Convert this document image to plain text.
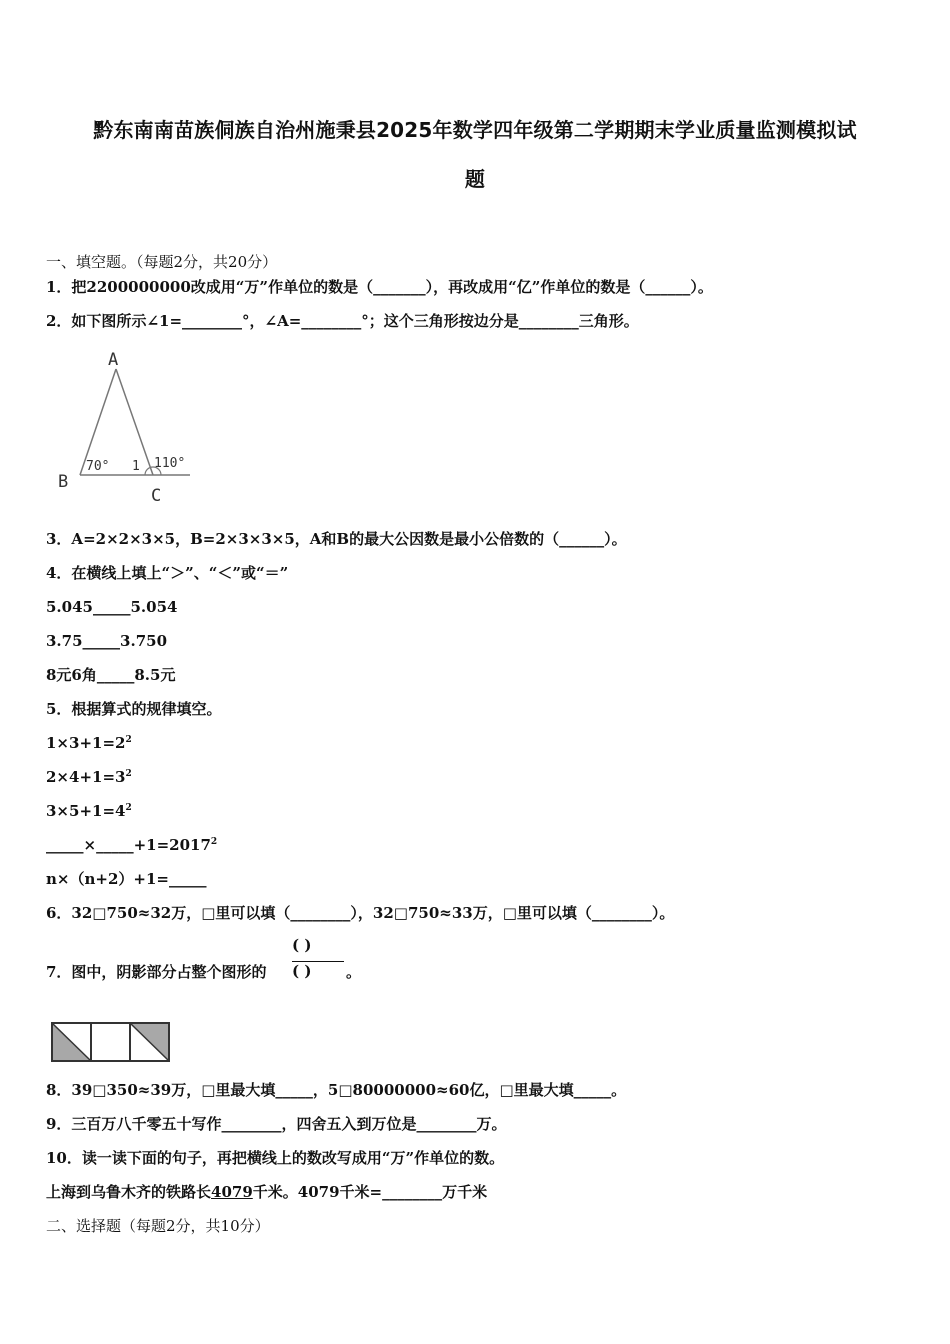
黔东南南苗族侗族自治州施秉县2025年数学四年级第二学期期末学业质量监测模拟试
题
一、填空题。（每题2分，共20分）
1．把2200000000改成用“万”作单位的数是（_______），再改成用“亿”作单位的数是（______）。
2．如下图所示∠1=________°，∠A=________°；这个三角形按边分是________三角形。
A
B
C
70° 1 110°
3．A=2×2×3×5，B=2×3×3×5，A和B的最大公因数是最小公倍数的（______）。
4．在横线上填上“＞”、“＜”或“＝”
5.045_____5.054
3.75_____3.750
8元6角_____8.5元
5．根据算式的规律填空。
$1\times 3+1=2^2$
$2\times 4+1=3^2$
$3\times 5+1=4^2$
$\_\_\_\_\_\times\_\_\_\_\_+1=2017^2$
n×（n+2）+1=_____
6．32□750≈32万，□里可以填（________），32□750≈33万，□里可以填（________）。
7．图中，阴影部分占整个图形的
( )
( ) 。
8．39□350≈39万，□里最大填_____，5□80000000≈60亿，□里最大填_____。
9．三百万八千零五十写作________，四舍五入到万位是________万。
10．读一读下面的句子，再把横线上的数改写成用“万”作单位的数。
上海到乌鲁木齐的铁路长4079千米。4079千米=________万千米
二、选择题（每题2分，共10分）
